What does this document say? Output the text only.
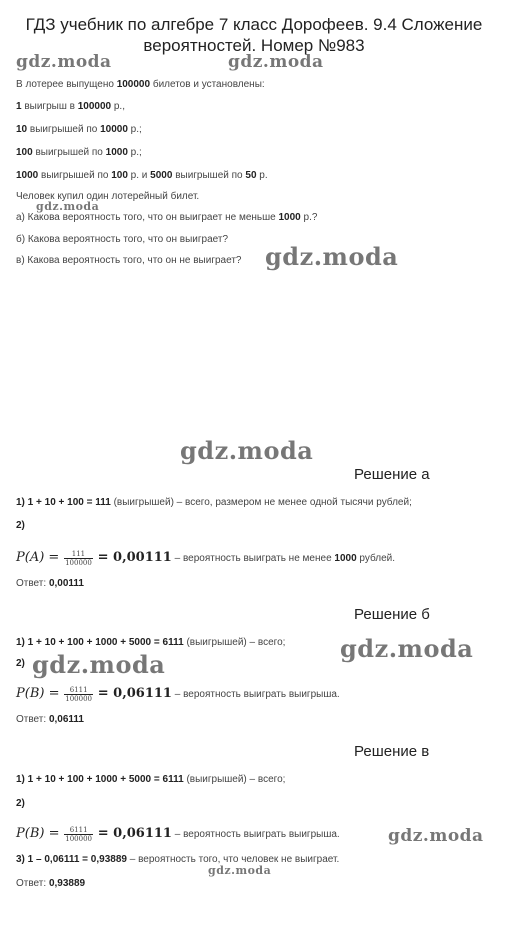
ГДЗ учебник по алгебре 7 класс Дорофеев. 9.4 Сложение
вероятностей. Номер №983
gdz.moda	gdz.moda
gdz.moda
gdz.moda
gdz.moda
gdz.moda
gdz.moda
gdz.moda
gdz.moda
В лотерее выпущено 100000 билетов и установлены:
1 выигрыш в 100000 р.,
10 выигрышей по 10000 р.;
100 выигрышей по 1000 р.;
1000 выигрышей по 100 р. и 5000 выигрышей по 50 р.
Человек купил один лотерейный билет.
а) Какова вероятность того, что он выиграет не меньше 1000 р.?
б) Какова вероятность того, что он выиграет?
в) Какова вероятность того, что он не выиграет?
Решение а
1) 1 + 10 + 100 = 111 (выигрышей) – всего, размером не менее одной тысячи рублей;
2)
$P(A) = \frac{111}{100000} = 0,00111$ – вероятность выиграть не менее 1000 рублей.
Ответ: 0,00111
Решение б
1) 1 + 10 + 100 + 1000 + 5000 = 6111 (выигрышей) – всего;
2)
$P(B) = \frac{6111}{100000} = 0,06111$ – вероятность выиграть выигрыша.
Ответ: 0,06111
Решение в
1) 1 + 10 + 100 + 1000 + 5000 = 6111 (выигрышей) – всего;
2)
$P(B) = \frac{6111}{100000} = 0,06111$ – вероятность выиграть выигрыша.
3) 1 – 0,06111 = 0,93889 – вероятность того, что человек не выиграет.
Ответ: 0,93889
